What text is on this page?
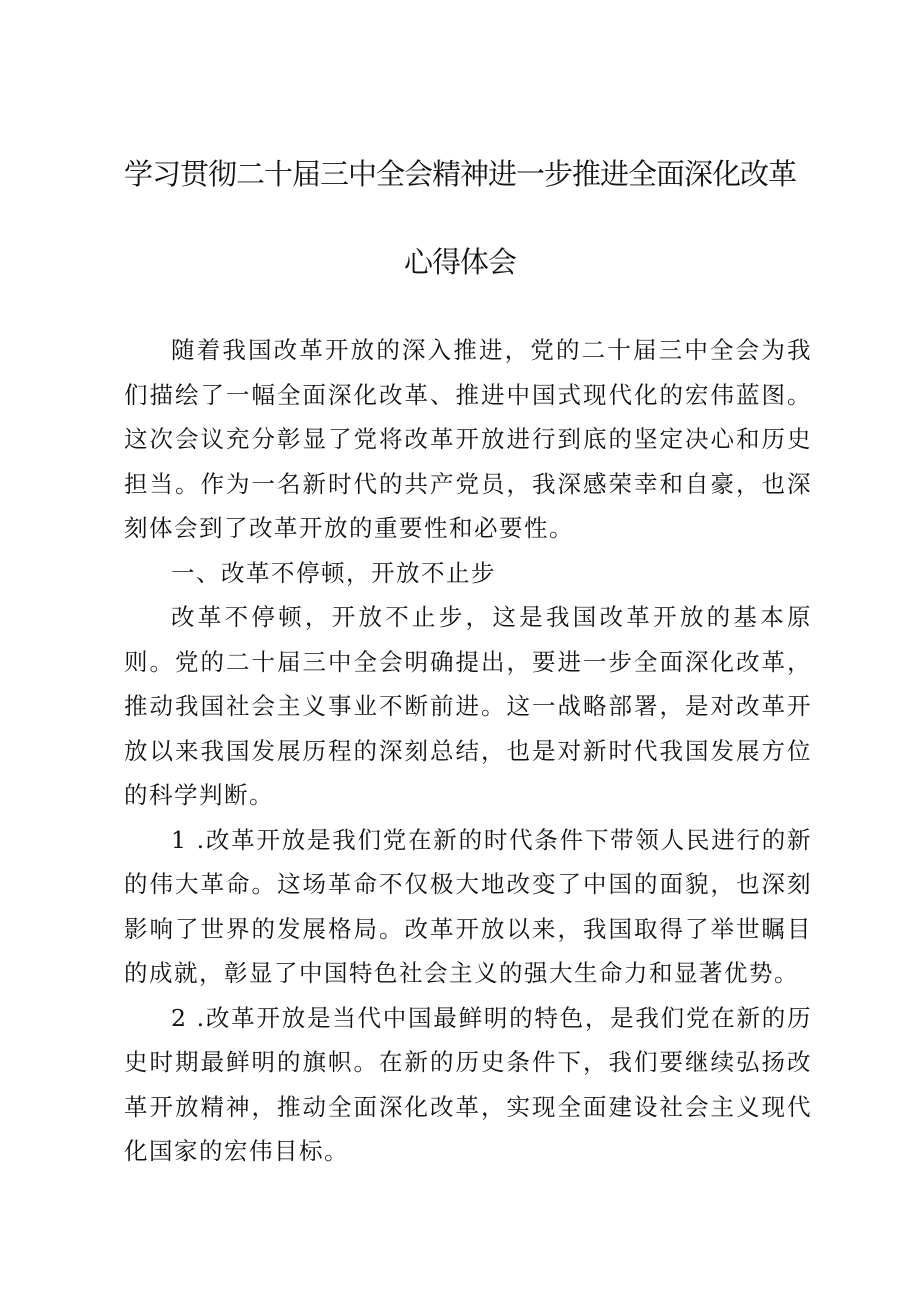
学习贯彻二十届三中全会精神进一步推进全面深化改革
心得体会

随着我国改革开放的深入推进，党的二十届三中全会为我们描绘了一幅全面深化改革、推进中国式现代化的宏伟蓝图。这次会议充分彰显了党将改革开放进行到底的坚定决心和历史担当。作为一名新时代的共产党员，我深感荣幸和自豪，也深刻体会到了改革开放的重要性和必要性。

一、改革不停顿，开放不止步

改革不停顿，开放不止步，这是我国改革开放的基本原则。党的二十届三中全会明确提出，要进一步全面深化改革，推动我国社会主义事业不断前进。这一战略部署，是对改革开放以来我国发展历程的深刻总结，也是对新时代我国发展方位的科学判断。

1 .改革开放是我们党在新的时代条件下带领人民进行的新的伟大革命。这场革命不仅极大地改变了中国的面貌，也深刻影响了世界的发展格局。改革开放以来，我国取得了举世瞩目的成就，彰显了中国特色社会主义的强大生命力和显著优势。

2 .改革开放是当代中国最鲜明的特色，是我们党在新的历史时期最鲜明的旗帜。在新的历史条件下，我们要继续弘扬改革开放精神，推动全面深化改革，实现全面建设社会主义现代化国家的宏伟目标。
